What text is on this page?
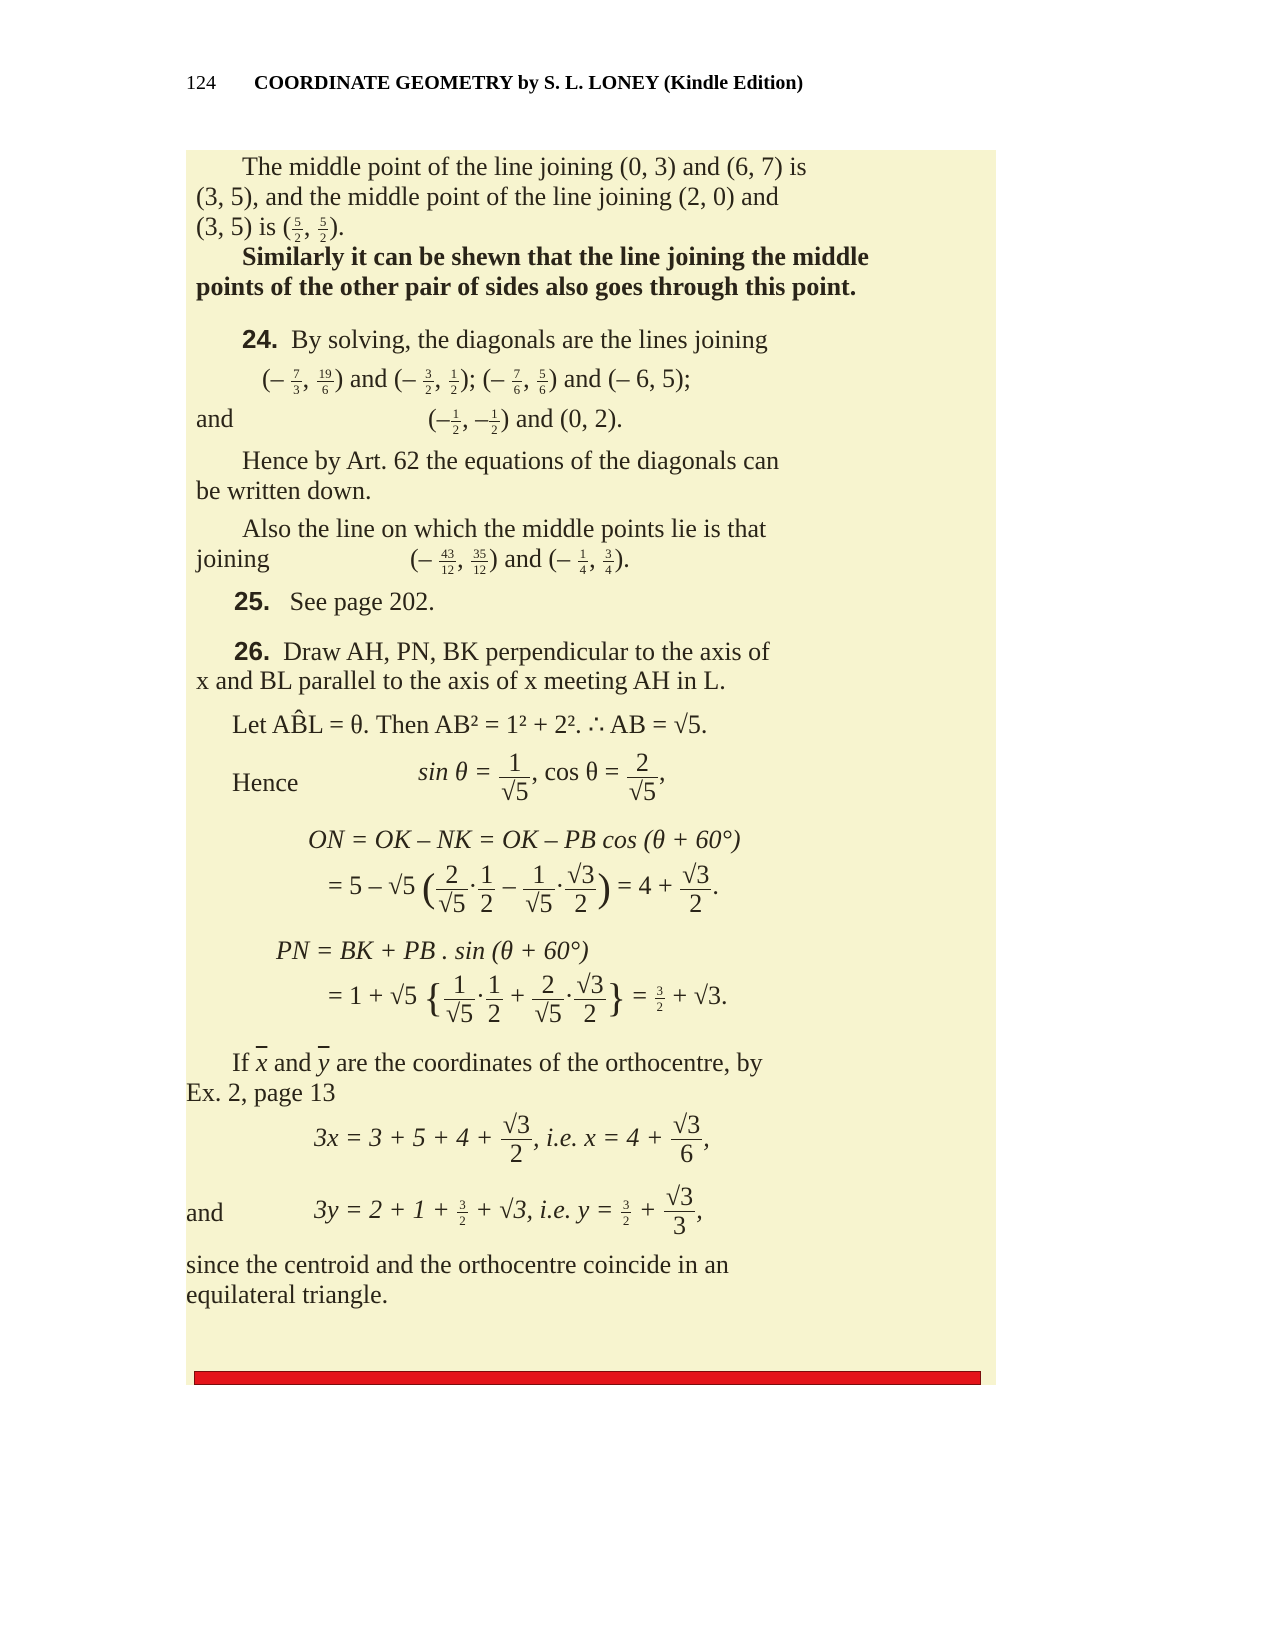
124 COORDINATE GEOMETRY by S. L. LONEY (Kindle Edition)
The middle point of the line joining (0, 3) and (6, 7) is
(3, 5), and the middle point of the line joining (2, 0) and
(3, 5) is ( $\frac{5}{2}$ , $\frac{5}{2}$ ).
Similarly it can be shewn that the line joining the middle
points of the other pair of sides also goes through this point.
24. By solving, the diagonals are the lines joining
(– $\frac{7}{3}$ , $\frac{19}{6}$ ) and (– $\frac{3}{2}$ , $\frac{1}{2}$ ); (– $\frac{7}{6}$ , $\frac{5}{6}$ ) and (– 6, 5);
and	(– $\frac{1}{2}$ , – $\frac{1}{2}$ ) and (0, 2).
Hence by Art. 62 the equations of the diagonals can
be written down.
Also the line on which the middle points lie is that
joining	(– $\frac{43}{12}$ , $\frac{35}{12}$ ) and (– $\frac{1}{4}$ , $\frac{3}{4}$ ).
25. See page 202.
26. Draw AH, PN, BK perpendicular to the axis of
x and BL parallel to the axis of x meeting AH in L.
Let AB̂L = θ. Then AB² = 1² + 2². ∴ AB = √5.
Hence	$\sin \theta = \frac{1}{√5}$ , $\cos \theta = \frac{2}{√5}$ ,
ON = OK – NK = OK – PB cos (θ + 60°)
= 5 – √5 ( $\frac{2}{√5} \cdot \frac{1}{2} - \frac{1}{√5} \cdot \frac{√3}{2}$ ) = $4 + \frac{√3}{2}$ .
PN = BK + PB . sin (θ + 60°)
= 1 + √5 { $\frac{1}{√5} \cdot \frac{1}{2} + \frac{2}{√5} \cdot \frac{√3}{2}$ } = $\frac{3}{2} + √3$.
If $\overline{x}$ and $\overline{y}$ are the coordinates of the orthocentre, by
Ex. 2, page 13
$3x = 3 + 5 + 4 + \frac{√3}{2}$ , i.e. $x = 4 + \frac{√3}{6}$ ,
and	$3y = 2 + 1 + \frac{3}{2} + √3$, i.e. $y = \frac{3}{2} + \frac{√3}{3}$ ,
since the centroid and the orthocentre coincide in an
equilateral triangle.
